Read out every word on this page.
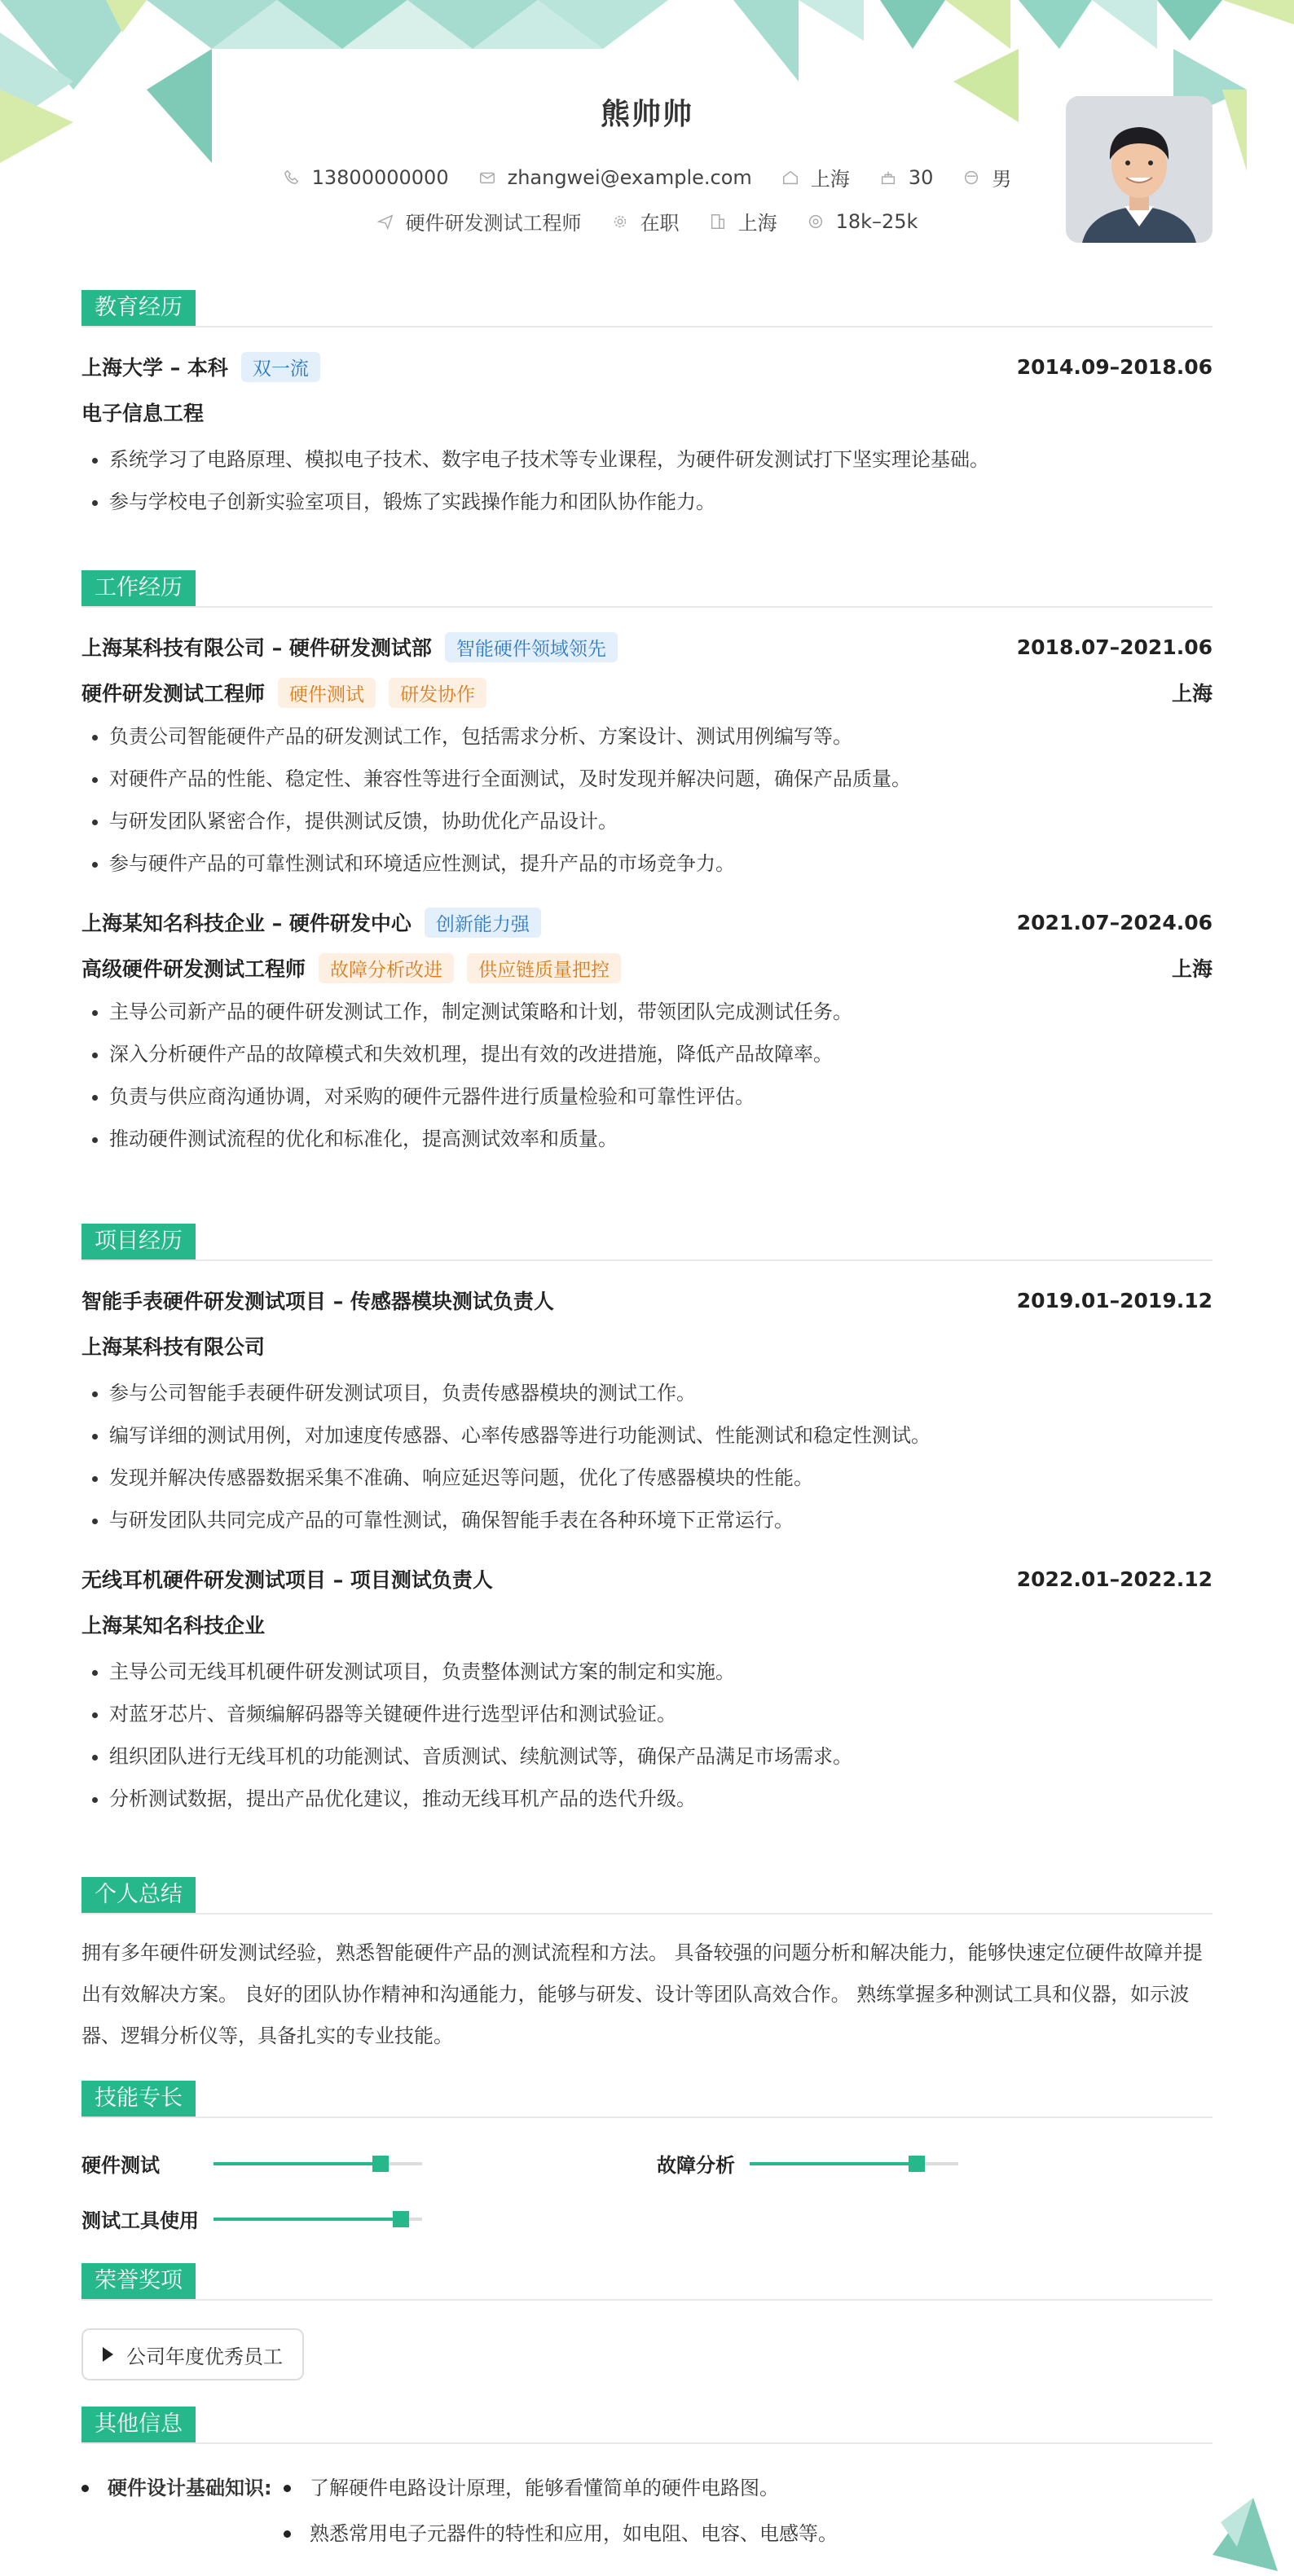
熊帅帅
13800000000	zhangwei@example.com	上海	30	男
硬件研发测试工程师	在职	上海	18k–25k
教育经历
上海大学 – 本科	双一流	2014.09–2018.06
电子信息工程
• 系统学习了电路原理、模拟电子技术、数字电子技术等专业课程，为硬件研发测试打下坚实理论基础。
• 参与学校电子创新实验室项目，锻炼了实践操作能力和团队协作能力。
工作经历
上海某科技有限公司 – 硬件研发测试部	智能硬件领域领先	2018.07–2021.06
硬件研发测试工程师	硬件测试	研发协作	上海
• 负责公司智能硬件产品的研发测试工作，包括需求分析、方案设计、测试用例编写等。
• 对硬件产品的性能、稳定性、兼容性等进行全面测试，及时发现并解决问题，确保产品质量。
• 与研发团队紧密合作，提供测试反馈，协助优化产品设计。
• 参与硬件产品的可靠性测试和环境适应性测试，提升产品的市场竞争力。
上海某知名科技企业 – 硬件研发中心	创新能力强	2021.07–2024.06
高级硬件研发测试工程师	故障分析改进	供应链质量把控	上海
• 主导公司新产品的硬件研发测试工作，制定测试策略和计划，带领团队完成测试任务。
• 深入分析硬件产品的故障模式和失效机理，提出有效的改进措施，降低产品故障率。
• 负责与供应商沟通协调，对采购的硬件元器件进行质量检验和可靠性评估。
• 推动硬件测试流程的优化和标准化，提高测试效率和质量。
项目经历
智能手表硬件研发测试项目 – 传感器模块测试负责人	2019.01–2019.12
上海某科技有限公司
• 参与公司智能手表硬件研发测试项目，负责传感器模块的测试工作。
• 编写详细的测试用例，对加速度传感器、心率传感器等进行功能测试、性能测试和稳定性测试。
• 发现并解决传感器数据采集不准确、响应延迟等问题，优化了传感器模块的性能。
• 与研发团队共同完成产品的可靠性测试，确保智能手表在各种环境下正常运行。
无线耳机硬件研发测试项目 – 项目测试负责人	2022.01–2022.12
上海某知名科技企业
• 主导公司无线耳机硬件研发测试项目，负责整体测试方案的制定和实施。
• 对蓝牙芯片、音频编解码器等关键硬件进行选型评估和测试验证。
• 组织团队进行无线耳机的功能测试、音质测试、续航测试等，确保产品满足市场需求。
• 分析测试数据，提出产品优化建议，推动无线耳机产品的迭代升级。
个人总结
拥有多年硬件研发测试经验，熟悉智能硬件产品的测试流程和方法。 具备较强的问题分析和解决能力，能够快速定位硬件故障并提
出有效解决方案。 良好的团队协作精神和沟通能力，能够与研发、设计等团队高效合作。 熟练掌握多种测试工具和仪器，如示波
器、逻辑分析仪等，具备扎实的专业技能。
技能专长
硬件测试	故障分析
测试工具使用
荣誉奖项
公司年度优秀员工
其他信息
硬件设计基础知识: 了解硬件电路设计原理，能够看懂简单的硬件电路图。
熟悉常用电子元器件的特性和应用，如电阻、电容、电感等。
